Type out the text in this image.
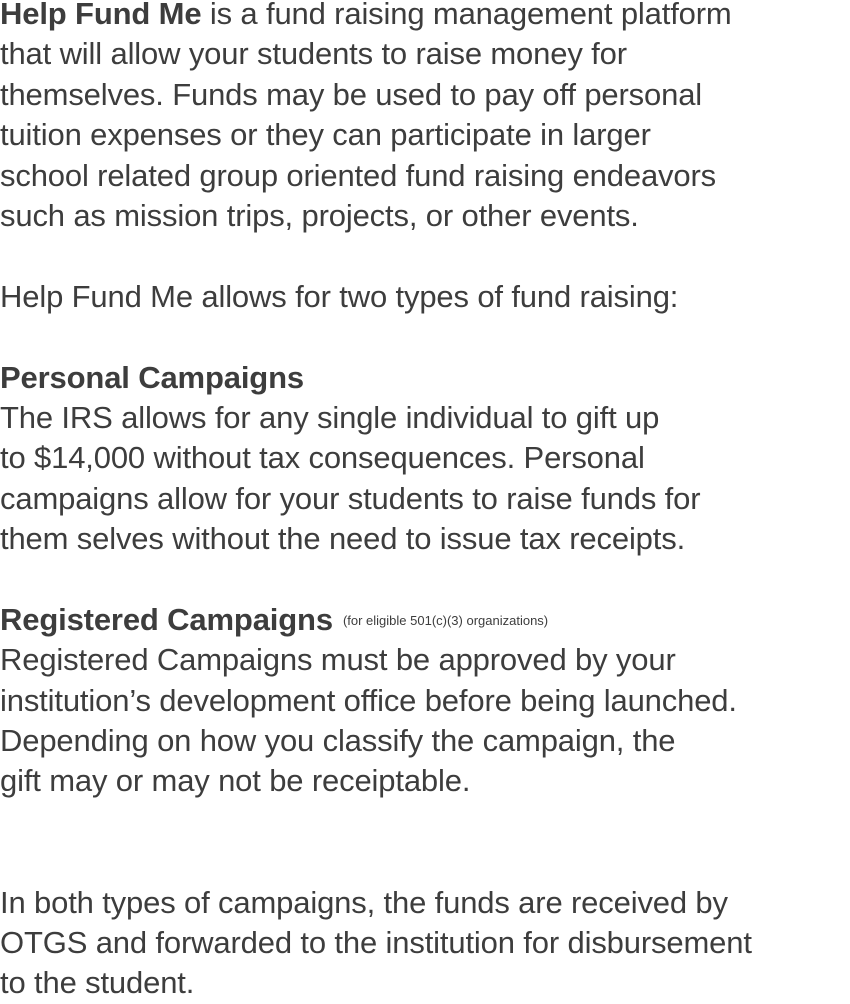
Help Fund Me is a fund raising management platform
that will allow your students to raise money for
themselves. Funds may be used to pay off personal
tuition expenses or they can participate in larger
school related group oriented fund raising endeavors
such as mission trips, projects, or other events.
Help Fund Me allows for two types of fund raising:
Personal Campaigns
The IRS allows for any single individual to gift up
to $14,000 without tax consequences. Personal
campaigns allow for your students to raise funds for
them selves without the need to issue tax receipts.
Registered Campaigns (for eligible 501(c)(3) organizations)
Registered Campaigns must be approved by your
institution’s development office before being launched.
Depending on how you classify the campaign, the
gift may or may not be receiptable.
In both types of campaigns, the funds are received by
OTGS and forwarded to the institution for disbursement
to the student.
